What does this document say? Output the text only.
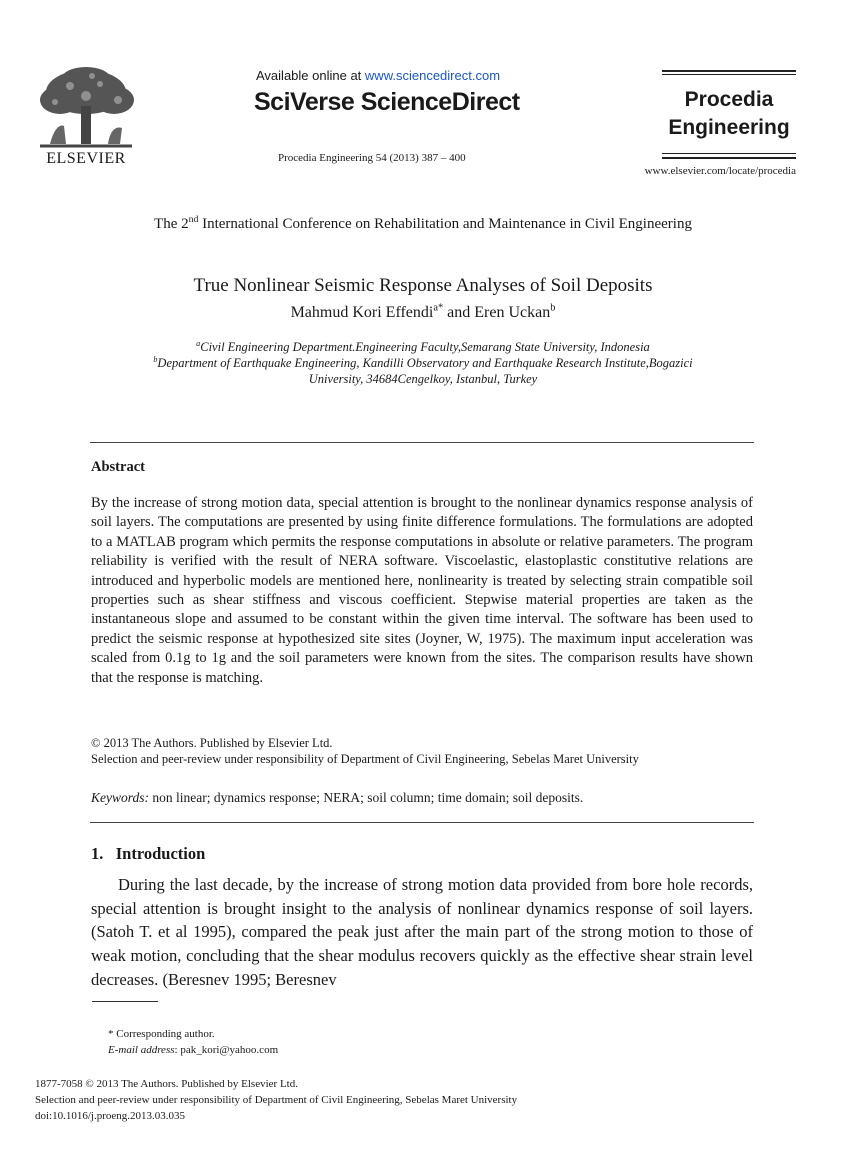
ELSEVIER
Available online at www.sciencedirect.com
SciVerse ScienceDirect
Procedia Engineering 54 (2013) 387 – 400
Procedia
Engineering
www.elsevier.com/locate/procedia
The 2nd International Conference on Rehabilitation and Maintenance in Civil Engineering
True Nonlinear Seismic Response Analyses of Soil Deposits
Mahmud Kori Effendi$^{a*}$ and Eren Uckan$^b$
$^a$Civil Engineering Department.Engineering Faculty,Semarang State University, Indonesia
$^b$Department of Earthquake Engineering, Kandilli Observatory and Earthquake Research Institute,Bogazici
University, 34684Cengelkoy, Istanbul, Turkey
Abstract
By the increase of strong motion data, special attention is brought to the nonlinear dynamics response analysis of soil layers. The computations are presented by using finite difference formulations. The formulations are adopted to a MATLAB program which permits the response computations in absolute or relative parameters. The program reliability is verified with the result of NERA software. Viscoelastic, elastoplastic constitutive relations are introduced and hyperbolic models are mentioned here, nonlinearity is treated by selecting strain compatible soil properties such as shear stiffness and viscous coefficient. Stepwise material properties are taken as the instantaneous slope and assumed to be constant within the given time interval. The software has been used to predict the seismic response at hypothesized site sites (Joyner, W, 1975). The maximum input acceleration was scaled from 0.1g to 1g and the soil parameters were known from the sites. The comparison results have shown that the response is matching.
© 2013 The Authors. Published by Elsevier Ltd.
Selection and peer-review under responsibility of Department of Civil Engineering, Sebelas Maret University
Keywords: non linear; dynamics response; NERA; soil column; time domain; soil deposits.
1.   Introduction
During the last decade, by the increase of strong motion data provided from bore hole records, special attention is brought insight to the analysis of nonlinear dynamics response of soil layers. (Satoh T. et al 1995), compared the peak just after the main part of the strong motion to those of weak motion, concluding that the shear modulus recovers quickly as the effective shear strain level decreases. (Beresnev 1995; Beresnev
* Corresponding author.
E-mail address: pak_kori@yahoo.com
1877-7058 © 2013 The Authors. Published by Elsevier Ltd.
Selection and peer-review under responsibility of Department of Civil Engineering, Sebelas Maret University
doi:10.1016/j.proeng.2013.03.035
